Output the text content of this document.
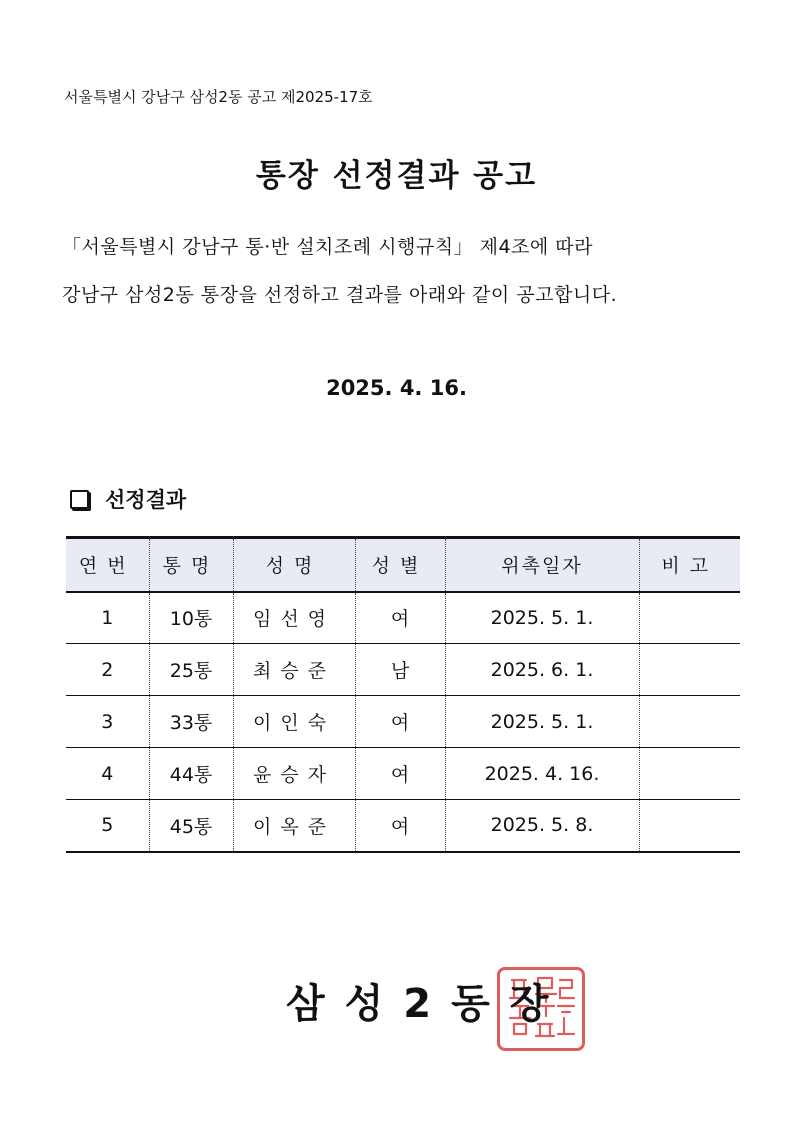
서울특별시 강남구 삼성2동 공고 제2025-17호
통장 선정결과 공고
「서울특별시 강남구 통·반 설치조례 시행규칙」 제4조에 따라
강남구 삼성2동 통장을 선정하고 결과를 아래와 같이 공고합니다.
2025. 4. 16.
선정결과
연번	통명	성명	성별	위촉일자	비고
1	10통	임선영	여	2025. 5. 1.	
2	25통	최승준	남	2025. 6. 1.	
3	33통	이인숙	여	2025. 5. 1.	
4	44통	윤승자	여	2025. 4. 16.	
5	45통	이옥준	여	2025. 5. 8.	
삼성2동장
